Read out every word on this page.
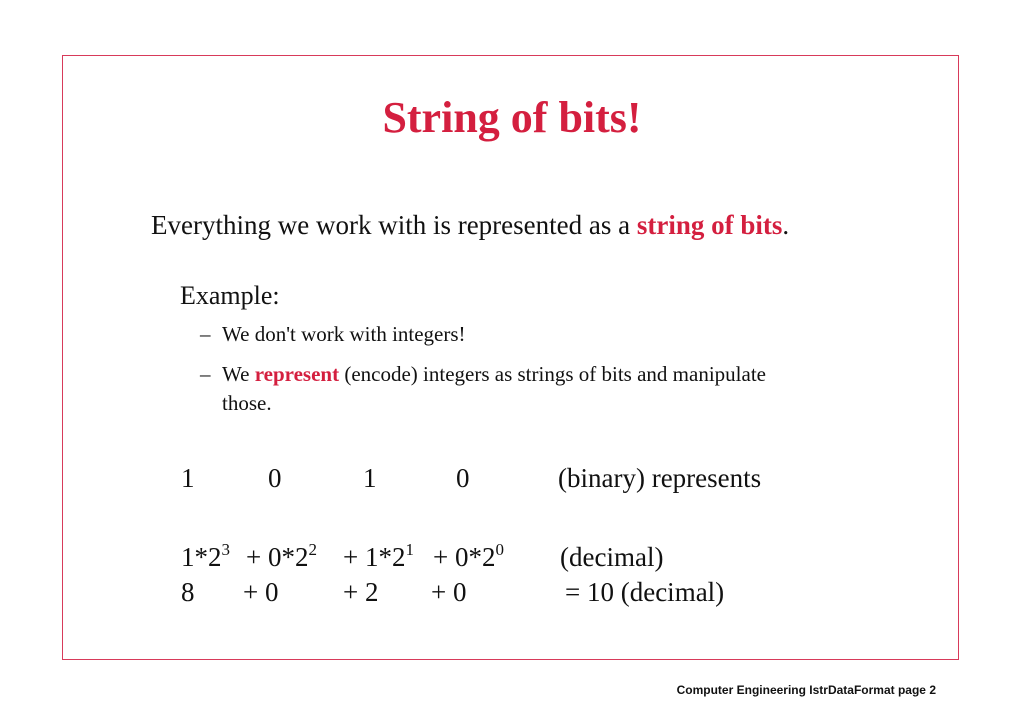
String of bits!
Everything we work with is represented as a string of bits.
Example:
– We don't work with integers!
– We represent (encode) integers as strings of bits and manipulate
those.
1	0	1	0	(binary) represents
$1*2^3 + 0*2^2 + 1*2^1 + 0*2^0$ (decimal)
8 + 0 + 2 + 0	= 10 (decimal)
Computer Engineering IstrDataFormat page 2
